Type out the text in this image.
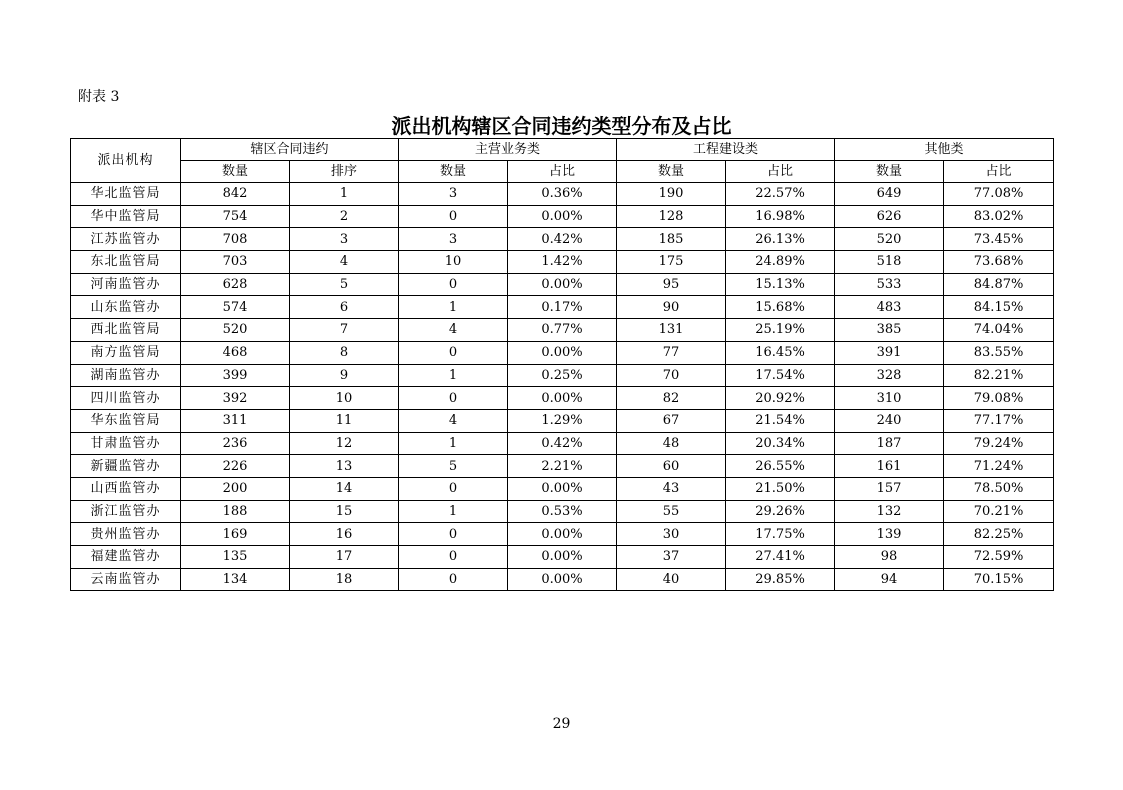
附表 3
派出机构辖区合同违约类型分布及占比
派出机构	辖区合同违约		主营业务类		工程建设类		其他类	
	数量	排序	数量	占比	数量	占比	数量	占比
华北监管局	842	1	3	0.36%	190	22.57%	649	77.08%
华中监管局	754	2	0	0.00%	128	16.98%	626	83.02%
江苏监管办	708	3	3	0.42%	185	26.13%	520	73.45%
东北监管局	703	4	10	1.42%	175	24.89%	518	73.68%
河南监管办	628	5	0	0.00%	95	15.13%	533	84.87%
山东监管办	574	6	1	0.17%	90	15.68%	483	84.15%
西北监管局	520	7	4	0.77%	131	25.19%	385	74.04%
南方监管局	468	8	0	0.00%	77	16.45%	391	83.55%
湖南监管办	399	9	1	0.25%	70	17.54%	328	82.21%
四川监管办	392	10	0	0.00%	82	20.92%	310	79.08%
华东监管局	311	11	4	1.29%	67	21.54%	240	77.17%
甘肃监管办	236	12	1	0.42%	48	20.34%	187	79.24%
新疆监管办	226	13	5	2.21%	60	26.55%	161	71.24%
山西监管办	200	14	0	0.00%	43	21.50%	157	78.50%
浙江监管办	188	15	1	0.53%	55	29.26%	132	70.21%
贵州监管办	169	16	0	0.00%	30	17.75%	139	82.25%
福建监管办	135	17	0	0.00%	37	27.41%	98	72.59%
云南监管办	134	18	0	0.00%	40	29.85%	94	70.15%
29
